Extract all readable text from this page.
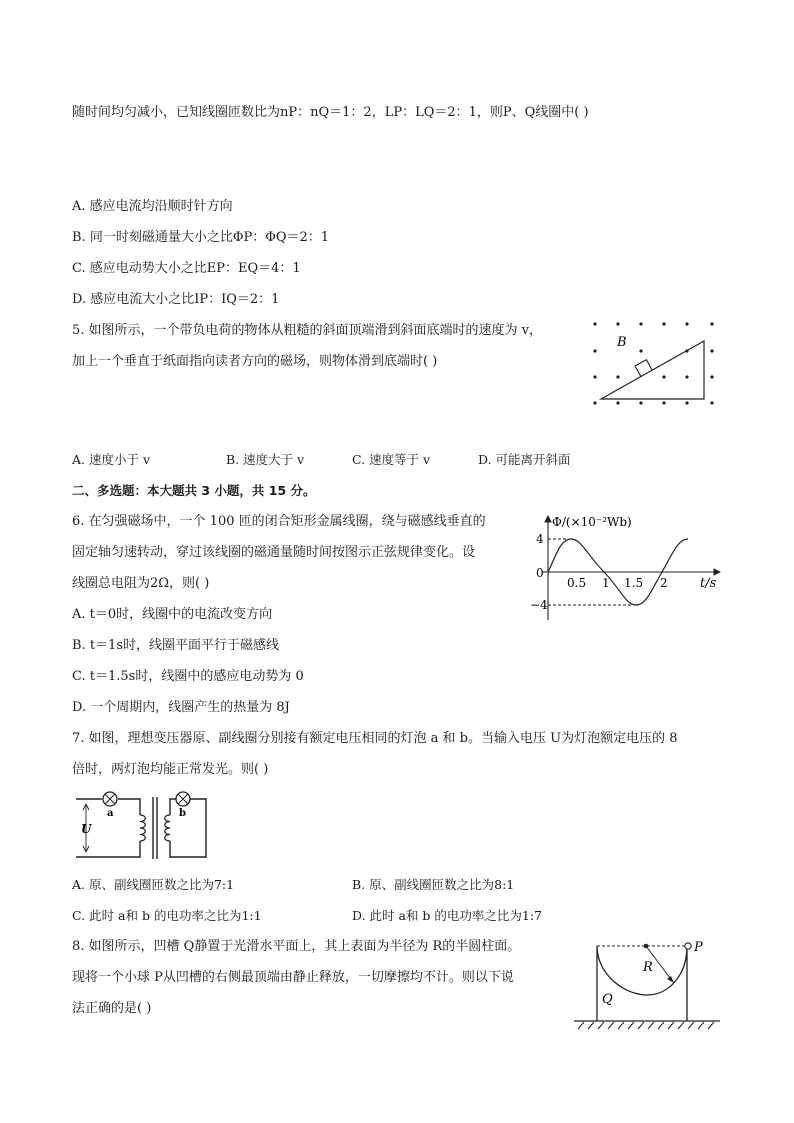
随时间均匀减小，已知线圈匝数比为nP：nQ＝1：2，LP：LQ＝2：1，则P、Q线圈中( )
A. 感应电流均沿顺时针方向
B. 同一时刻磁通量大小之比ΦP：ΦQ＝2：1
C. 感应电动势大小之比EP：EQ＝4：1
D. 感应电流大小之比IP：IQ＝2：1
5. 如图所示，一个带负电荷的物体从粗糙的斜面顶端滑到斜面底端时的速度为 v，
加上一个垂直于纸面指向读者方向的磁场，则物体滑到底端时( )
B
A. 速度小于 v	B. 速度大于 v	C. 速度等于 v	D. 可能离开斜面
二、多选题：本大题共 3 小题，共 15 分。
6. 在匀强磁场中，一个 100 匝的闭合矩形金属线圈，绕与磁感线垂直的
固定轴匀速转动，穿过该线圈的磁通量随时间按图示正弦规律变化。设
线圈总电阻为2Ω，则( )
A. t＝0时，线圈中的电流改变方向
B. t＝1s时，线圈平面平行于磁感线
C. t＝1.5s时，线圈中的感应电动势为 0
D. 一个周期内，线圈产生的热量为 8J
Φ/(×10⁻²Wb)
t/s
0
4
−4
0.5 1 1.5 2
7. 如图，理想变压器原、副线圈分别接有额定电压相同的灯泡 a 和 b。当输入电压 U为灯泡额定电压的 8
倍时，两灯泡均能正常发光。则( )
U
a	b
A. 原、副线圈匝数之比为7:1	B. 原、副线圈匝数之比为8:1
C. 此时 a和 b 的电功率之比为1:1	D. 此时 a和 b 的电功率之比为1:7
8. 如图所示，凹槽 Q静置于光滑水平面上，其上表面为半径为 R的半圆柱面。
现将一个小球 P从凹槽的右侧最顶端由静止释放，一切摩擦均不计。则以下说
法正确的是( )
P
R
Q
